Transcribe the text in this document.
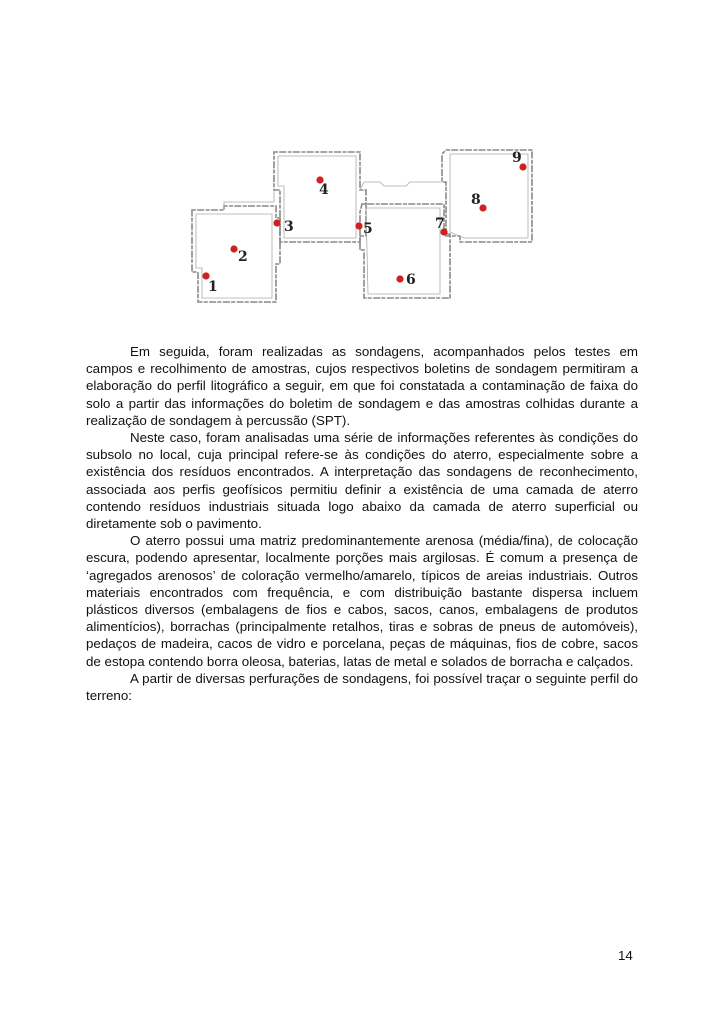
1
2
3
4
5
6
7
8
9

Em seguida, foram realizadas as sondagens, acompanhados pelos testes em campos e recolhimento de amostras, cujos respectivos boletins de sondagem permitiram a elaboração do perfil litográfico a seguir, em que foi constatada a contaminação de faixa do solo a partir das informações do boletim de sondagem e das amostras colhidas durante a realização de sondagem à percussão (SPT).

Neste caso, foram analisadas uma série de informações referentes às condições do subsolo no local, cuja principal refere-se às condições do aterro, especialmente sobre a existência dos resíduos encontrados. A interpretação das sondagens de reconhecimento, associada aos perfis geofísicos permitiu definir a existência de uma camada de aterro contendo resíduos industriais situada logo abaixo da camada de aterro superficial ou diretamente sob o pavimento.

O aterro possui uma matriz predominantemente arenosa (média/fina), de colocação escura, podendo apresentar, localmente porções mais argilosas. É comum a presença de ‘agregados arenosos’ de coloração vermelho/amarelo, típicos de areias industriais. Outros materiais encontrados com frequência, e com distribuição bastante dispersa incluem plásticos diversos (embalagens de fios e cabos, sacos, canos, embalagens de produtos alimentícios), borrachas (principalmente retalhos, tiras e sobras de pneus de automóveis), pedaços de madeira, cacos de vidro e porcelana, peças de máquinas, fios de cobre, sacos de estopa contendo borra oleosa, baterias, latas de metal e solados de borracha e calçados.

A partir de diversas perfurações de sondagens, foi possível traçar o seguinte perfil do terreno:

14
